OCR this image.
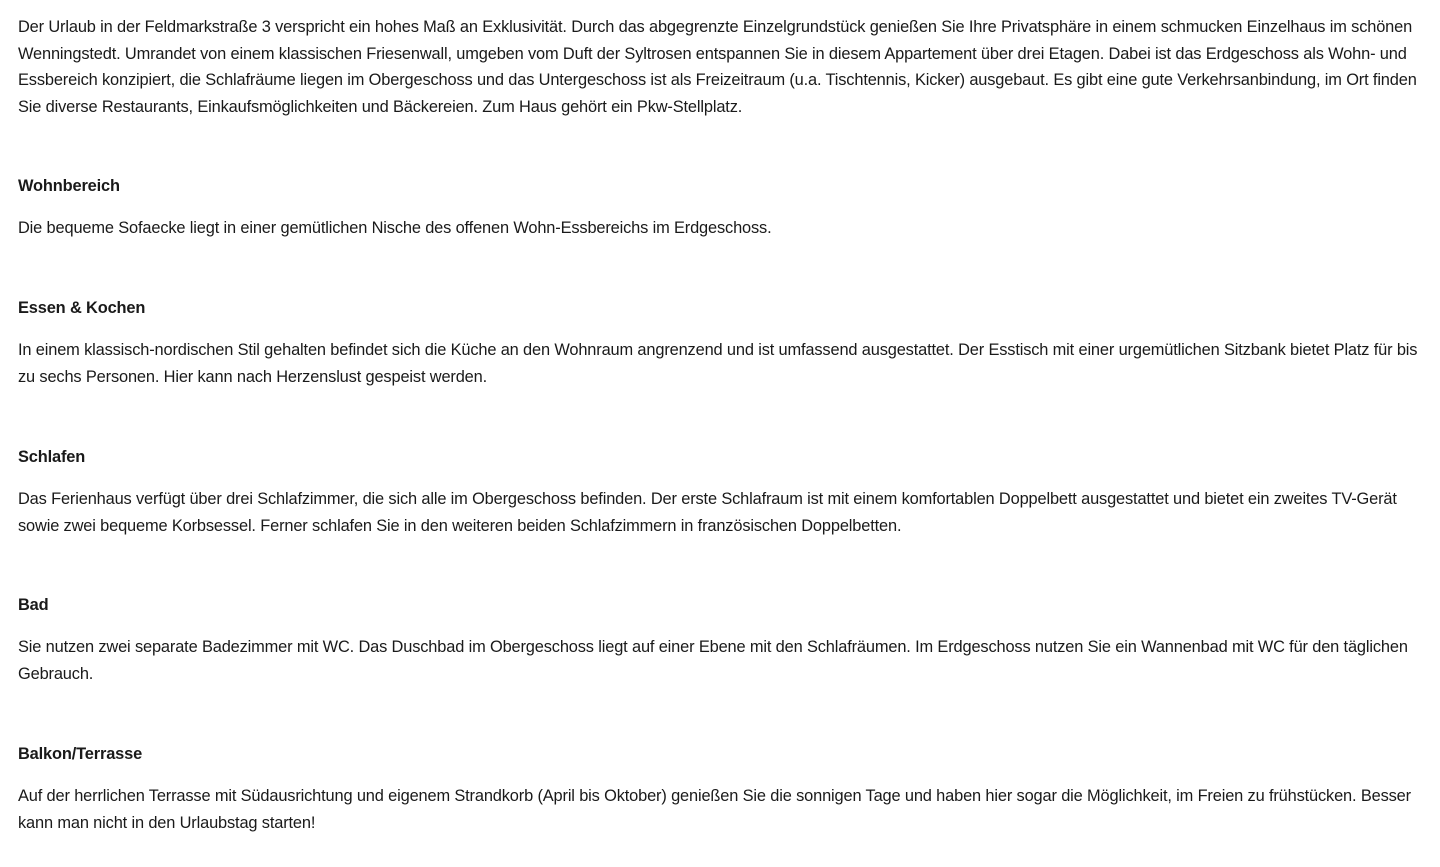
Der Urlaub in der Feldmarkstraße 3 verspricht ein hohes Maß an Exklusivität. Durch das abgegrenzte Einzelgrundstück genießen Sie Ihre Privatsphäre in einem schmucken Einzelhaus im schönen Wenningstedt. Umrandet von einem klassischen Friesenwall, umgeben vom Duft der Syltrosen entspannen Sie in diesem Appartement über drei Etagen. Dabei ist das Erdgeschoss als Wohn- und Essbereich konzipiert, die Schlafräume liegen im Obergeschoss und das Untergeschoss ist als Freizeitraum (u.a. Tischtennis, Kicker) ausgebaut. Es gibt eine gute Verkehrsanbindung, im Ort finden Sie diverse Restaurants, Einkaufsmöglichkeiten und Bäckereien. Zum Haus gehört ein Pkw-Stellplatz.

Wohnbereich

Die bequeme Sofaecke liegt in einer gemütlichen Nische des offenen Wohn-Essbereichs im Erdgeschoss.

Essen & Kochen

In einem klassisch-nordischen Stil gehalten befindet sich die Küche an den Wohnraum angrenzend und ist umfassend ausgestattet. Der Esstisch mit einer urgemütlichen Sitzbank bietet Platz für bis zu sechs Personen. Hier kann nach Herzenslust gespeist werden.

Schlafen

Das Ferienhaus verfügt über drei Schlafzimmer, die sich alle im Obergeschoss befinden. Der erste Schlafraum ist mit einem komfortablen Doppelbett ausgestattet und bietet ein zweites TV-Gerät sowie zwei bequeme Korbsessel. Ferner schlafen Sie in den weiteren beiden Schlafzimmern in französischen Doppelbetten.

Bad

Sie nutzen zwei separate Badezimmer mit WC. Das Duschbad im Obergeschoss liegt auf einer Ebene mit den Schlafräumen. Im Erdgeschoss nutzen Sie ein Wannenbad mit WC für den täglichen Gebrauch.

Balkon/Terrasse

Auf der herrlichen Terrasse mit Südausrichtung und eigenem Strandkorb (April bis Oktober) genießen Sie die sonnigen Tage und haben hier sogar die Möglichkeit, im Freien zu frühstücken. Besser kann man nicht in den Urlaubstag starten!
